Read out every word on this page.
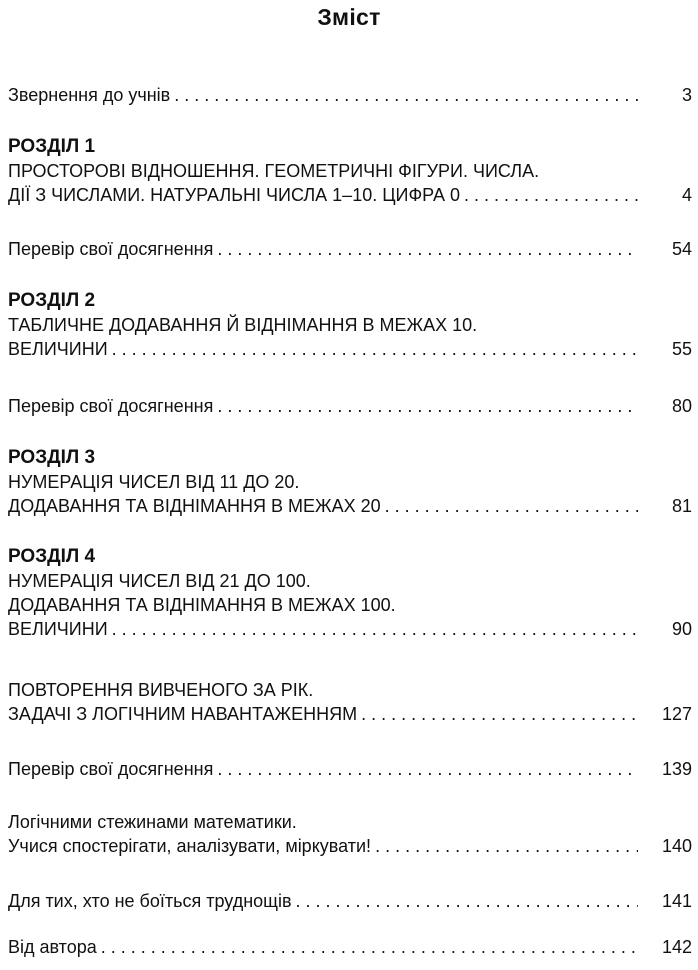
Зміст
Звернення до учнів . . .	3
РОЗДІЛ 1
ПРОСТОРОВІ ВІДНОШЕННЯ. ГЕОМЕТРИЧНІ ФІГУРИ. ЧИСЛА.
ДІЇ З ЧИСЛАМИ. НАТУРАЛЬНІ ЧИСЛА 1–10. ЦИФРА 0 . . .	4
Перевір свої досягнення . . .	54
РОЗДІЛ 2
ТАБЛИЧНЕ ДОДАВАННЯ Й ВІДНІМАННЯ В МЕЖАХ 10.
ВЕЛИЧИНИ . . .	55
Перевір свої досягнення . . .	80
РОЗДІЛ 3
НУМЕРАЦІЯ ЧИСЕЛ ВІД 11 ДО 20.
ДОДАВАННЯ ТА ВІДНІМАННЯ В МЕЖАХ 20 . . .	81
РОЗДІЛ 4
НУМЕРАЦІЯ ЧИСЕЛ ВІД 21 ДО 100.
ДОДАВАННЯ ТА ВІДНІМАННЯ В МЕЖАХ 100.
ВЕЛИЧИНИ . . .	90
ПОВТОРЕННЯ ВИВЧЕНОГО ЗА РІК.
ЗАДАЧІ З ЛОГІЧНИМ НАВАНТАЖЕННЯМ . . .	127
Перевір свої досягнення . . .	139
Логічними стежинами математики.
Учися спостерігати, аналізувати, міркувати! . . .	140
Для тих, хто не боїться труднощів . . .	141
Від автора . . .	142
